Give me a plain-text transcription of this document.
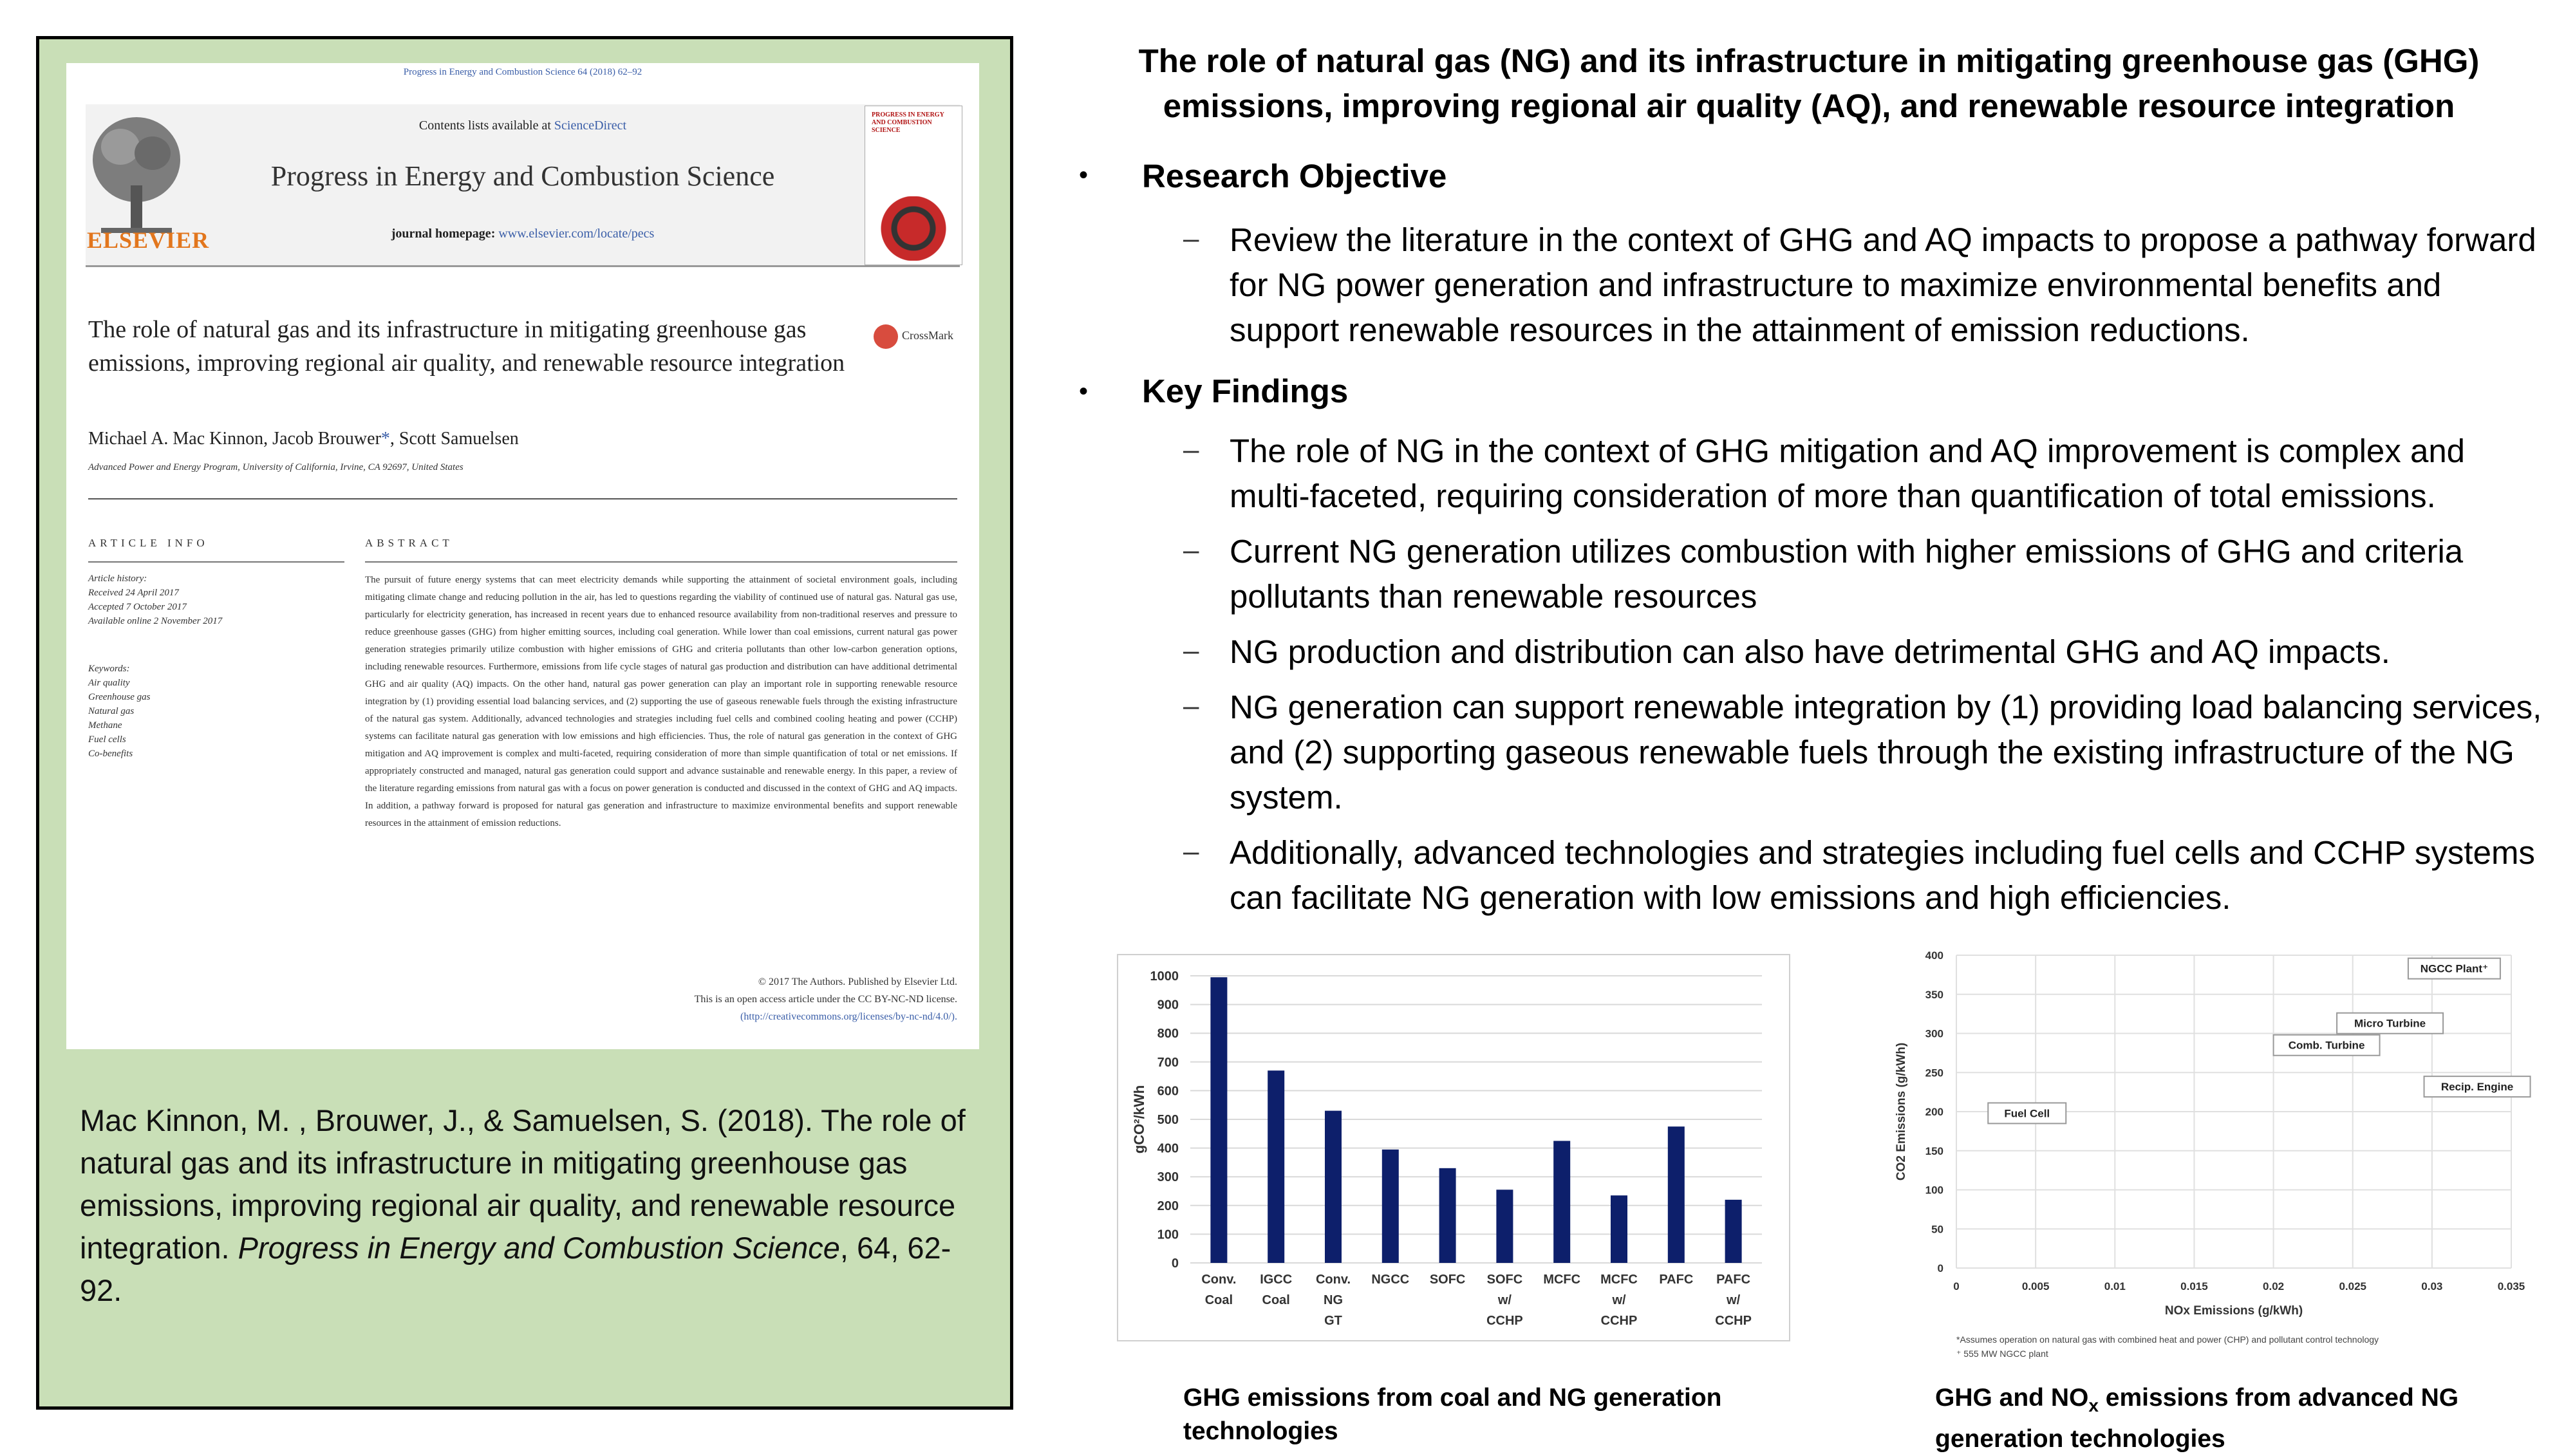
Progress in Energy and Combustion Science 64 (2018) 62–92
ELSEVIER
Contents lists available at ScienceDirect
Progress in Energy and Combustion Science
journal homepage: www.elsevier.com/locate/pecs
PROGRESS IN ENERGY AND COMBUSTION SCIENCE
The role of natural gas and its infrastructure in mitigating greenhouse gas emissions, improving regional air quality, and renewable resource integration
CrossMark
Michael A. Mac Kinnon, Jacob Brouwer*, Scott Samuelsen
Advanced Power and Energy Program, University of California, Irvine, CA 92697, United States
ARTICLE INFO	ABSTRACT
Article history:
Received 24 April 2017
Accepted 7 October 2017
Available online 2 November 2017
Keywords:
Air quality
Greenhouse gas
Natural gas
Methane
Fuel cells
Co-benefits

The pursuit of future energy systems that can meet electricity demands while supporting the attainment of societal environment goals, including mitigating climate change and reducing pollution in the air, has led to questions regarding the viability of continued use of natural gas. Natural gas use, particularly for electricity generation, has increased in recent years due to enhanced resource availability from non-traditional reserves and pressure to reduce greenhouse gasses (GHG) from higher emitting sources, including coal generation. While lower than coal emissions, current natural gas power generation strategies primarily utilize combustion with higher emissions of GHG and criteria pollutants than other low-carbon generation options, including renewable resources. Furthermore, emissions from life cycle stages of natural gas production and distribution can have additional detrimental GHG and air quality (AQ) impacts. On the other hand, natural gas power generation can play an important role in supporting renewable resource integration by (1) providing essential load balancing services, and (2) supporting the use of gaseous renewable fuels through the existing infrastructure of the natural gas system. Additionally, advanced technologies and strategies including fuel cells and combined cooling heating and power (CCHP) systems can facilitate natural gas generation with low emissions and high efficiencies. Thus, the role of natural gas generation in the context of GHG mitigation and AQ improvement is complex and multi-faceted, requiring consideration of more than simple quantification of total or net emissions. If appropriately constructed and managed, natural gas generation could support and advance sustainable and renewable energy. In this paper, a review of the literature regarding emissions from natural gas with a focus on power generation is conducted and discussed in the context of GHG and AQ impacts. In addition, a pathway forward is proposed for natural gas generation and infrastructure to maximize environmental benefits and support renewable resources in the attainment of emission reductions.

© 2017 The Authors. Published by Elsevier Ltd.
This is an open access article under the CC BY-NC-ND license.
(http://creativecommons.org/licenses/by-nc-nd/4.0/).
Mac Kinnon, M. , Brouwer, J., & Samuelsen, S. (2018). The role of natural gas and its infrastructure in mitigating greenhouse gas emissions, improving regional air quality, and renewable resource integration. Progress in Energy and Combustion Science, 64, 62-92.
The role of natural gas (NG) and its infrastructure in mitigating greenhouse gas (GHG) emissions, improving regional air quality (AQ), and renewable resource integration
• Research Objective
– Review the literature in the context of GHG and AQ impacts to propose a pathway forward for NG power generation and infrastructure to maximize environmental benefits and support renewable resources in the attainment of emission reductions.
• Key Findings
– The role of NG in the context of GHG mitigation and AQ improvement is complex and multi-faceted, requiring consideration of more than quantification of total emissions.
– Current NG generation utilizes combustion with higher emissions of GHG and criteria pollutants than renewable resources
– NG production and distribution can also have detrimental GHG and AQ impacts.
– NG generation can support renewable integration by (1) providing load balancing services, and (2) supporting gaseous renewable fuels through the existing infrastructure of the NG system.
– Additionally, advanced technologies and strategies including fuel cells and CCHP systems can facilitate NG generation with low emissions and high efficiencies.
0
100
200
300
400
500
600
700
800
900
1000
gCO²/kWh
Conv. Coal
IGCC Coal
Conv. NG GT
NGCC SOFC SOFC w/ CCHP
MCFC MCFC w/ CCHP
PAFC PAFC w/ CCHP
0
50
100
150
200
250
300
350
400
0	0.005	0.01	0.015	0.02	0.025	0.03	0.035
CO2 Emissions (g/kWh)
NOx Emissions (g/kWh)
Fuel Cell
Comb. Turbine
Micro Turbine
Recip. Engine
NGCC Plant⁺
*Assumes operation on natural gas with combined heat and power (CHP) and pollutant control technology
⁺ 555 MW NGCC plant
GHG emissions from coal and NG generation technologies
GHG and $NO_x$ emissions from advanced NG generation technologies
